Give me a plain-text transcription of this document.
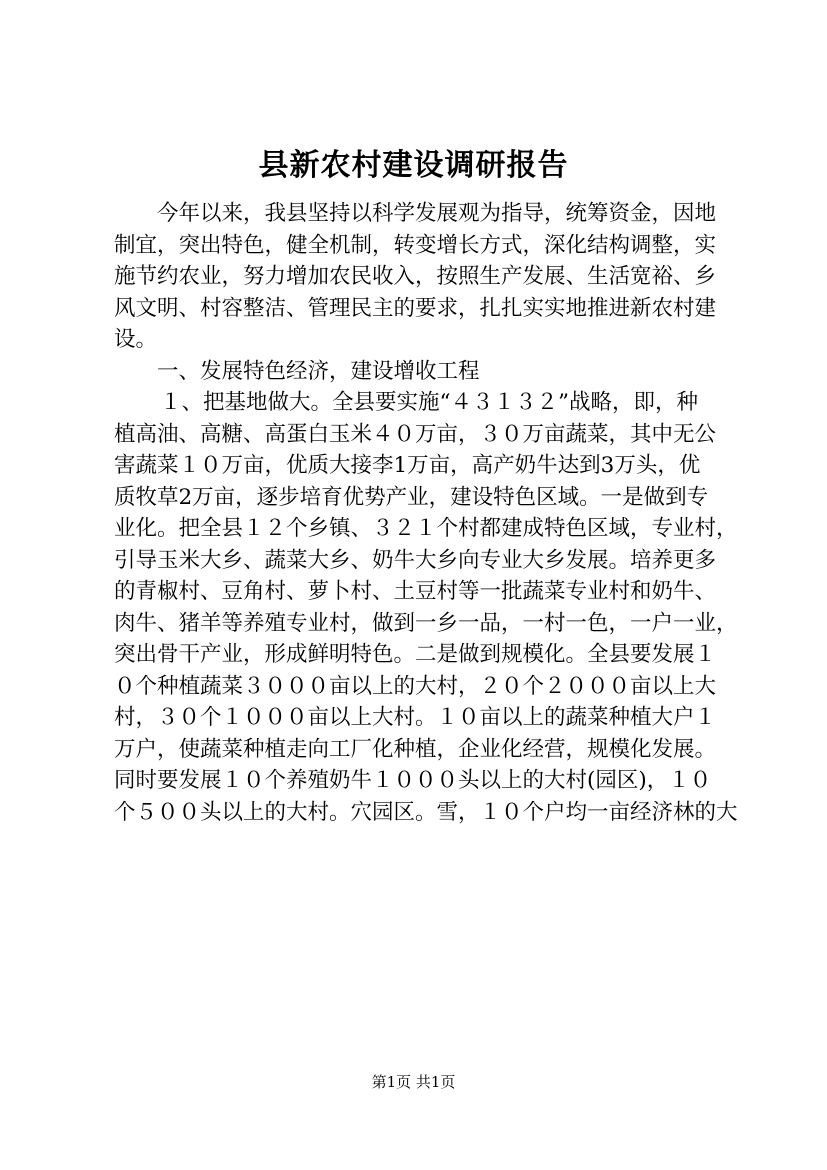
县新农村建设调研报告
今年以来，我县坚持以科学发展观为指导，统筹资金，因地
制宜，突出特色，健全机制，转变增长方式，深化结构调整，实
施节约农业，努力增加农民收入，按照生产发展、生活宽裕、乡
风文明、村容整洁、管理民主的要求，扎扎实实地推进新农村建
设。
一、发展特色经济，建设增收工程
１、把基地做大。全县要实施“４３１３２”战略，即，种
植高油、高糖、高蛋白玉米４０万亩，３０万亩蔬菜，其中无公
害蔬菜１０万亩，优质大接李1万亩，高产奶牛达到3万头，优
质牧草2万亩，逐步培育优势产业，建设特色区域。一是做到专
业化。把全县１２个乡镇、３２１个村都建成特色区域，专业村，
引导玉米大乡、蔬菜大乡、奶牛大乡向专业大乡发展。培养更多
的青椒村、豆角村、萝卜村、土豆村等一批蔬菜专业村和奶牛、
肉牛、猪羊等养殖专业村，做到一乡一品，一村一色，一户一业，
突出骨干产业，形成鲜明特色。二是做到规模化。全县要发展１
０个种植蔬菜３０００亩以上的大村，２０个２０００亩以上大
村，３０个１０００亩以上大村。１０亩以上的蔬菜种植大户１
万户，使蔬菜种植走向工厂化种植，企业化经营，规模化发展。
同时要发展１０个养殖奶牛１０００头以上的大村(园区)，１０
个５００头以上的大村。穴园区。雪，１０个户均一亩经济林的大
第1页 共1页
